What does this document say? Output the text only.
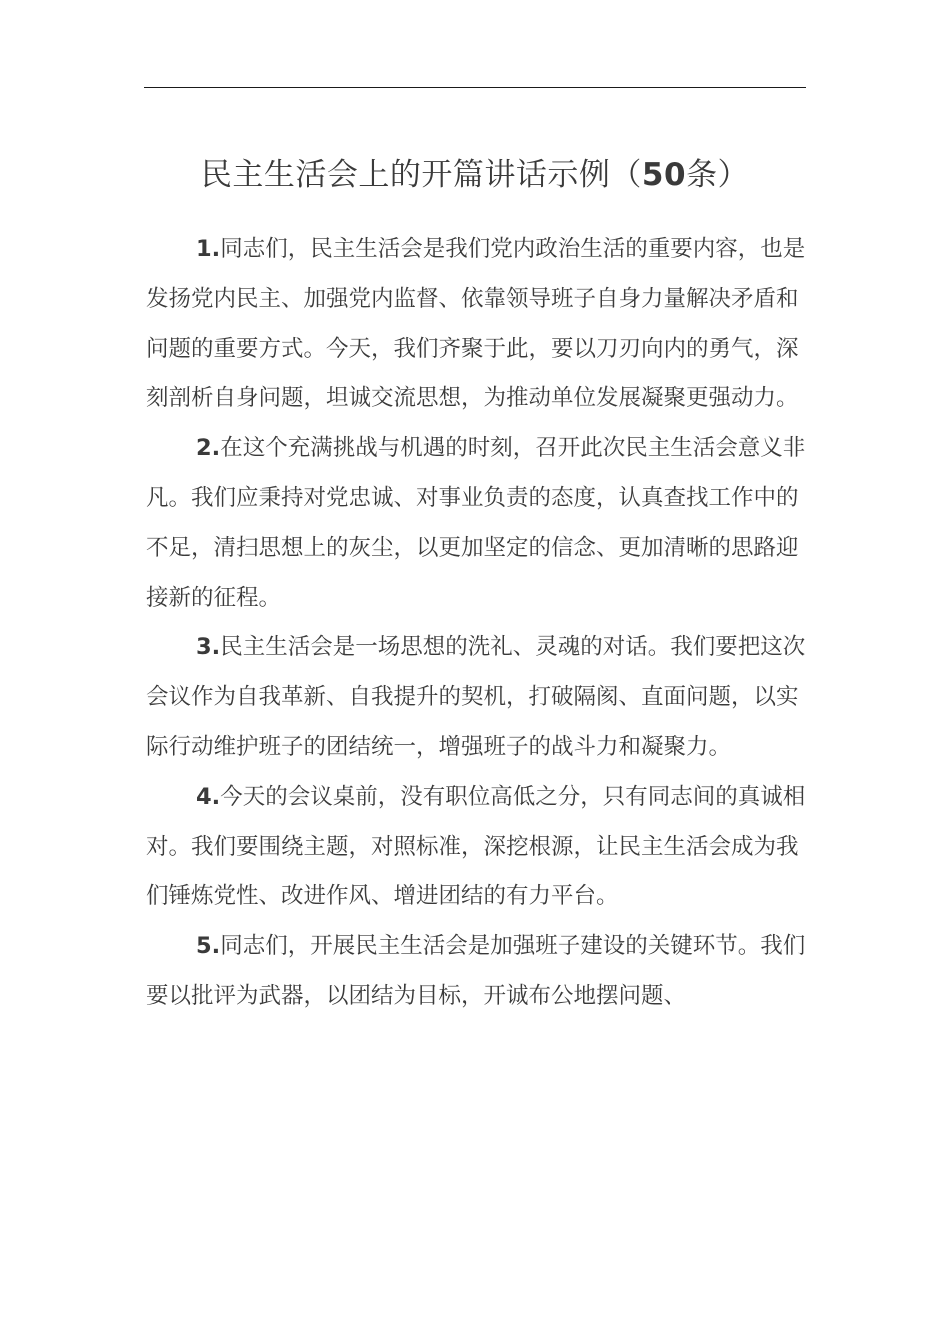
民主生活会上的开篇讲话示例（50条）

1.同志们，民主生活会是我们党内政治生活的重要内容，也是发扬党内民主、加强党内监督、依靠领导班子自身力量解决矛盾和问题的重要方式。今天，我们齐聚于此，要以刀刃向内的勇气，深刻剖析自身问题，坦诚交流思想，为推动单位发展凝聚更强动力。

2.在这个充满挑战与机遇的时刻，召开此次民主生活会意义非凡。我们应秉持对党忠诚、对事业负责的态度，认真查找工作中的不足，清扫思想上的灰尘，以更加坚定的信念、更加清晰的思路迎接新的征程。

3.民主生活会是一场思想的洗礼、灵魂的对话。我们要把这次会议作为自我革新、自我提升的契机，打破隔阂、直面问题，以实际行动维护班子的团结统一，增强班子的战斗力和凝聚力。

4.今天的会议桌前，没有职位高低之分，只有同志间的真诚相对。我们要围绕主题，对照标准，深挖根源，让民主生活会成为我们锤炼党性、改进作风、增进团结的有力平台。

5.同志们，开展民主生活会是加强班子建设的关键环节。我们要以批评为武器，以团结为目标，开诚布公地摆问题、
